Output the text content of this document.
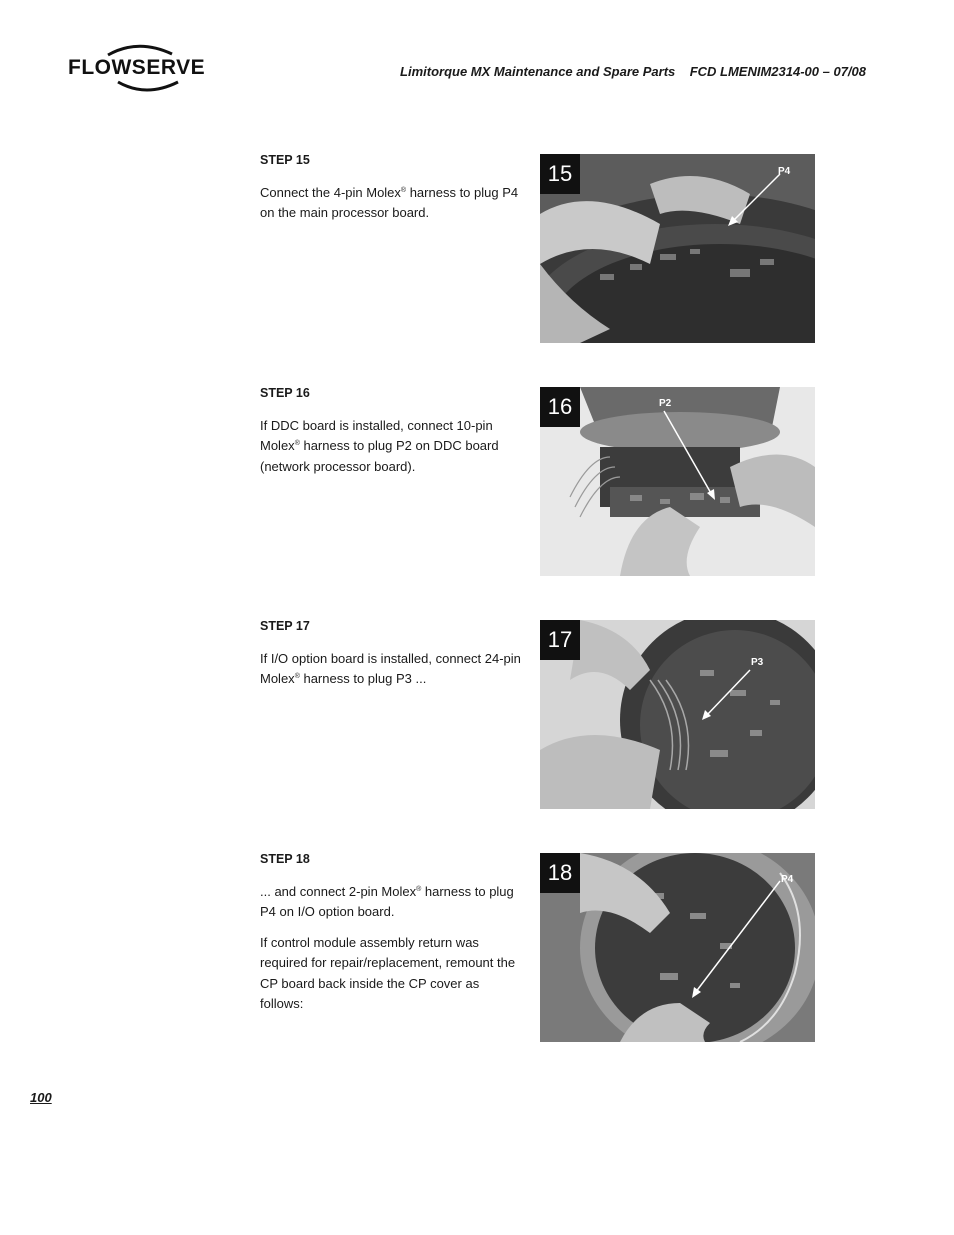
FLOWSERVE	Limitorque MX Maintenance and Spare Parts    FCD LMENIM2314-00 – 07/08
STEP 15

Connect the 4-pin Molex® harness to plug P4 on the main processor board.

15	P4
STEP 16

If DDC board is installed, connect 10-pin Molex® harness to plug P2 on DDC board (network processor board).

16	P2
STEP 17

If I/O option board is installed, connect 24-pin Molex® harness to plug P3 ...

17
P3
STEP 18

... and connect 2-pin Molex® harness to plug P4 on I/O option board.

If control module assembly return was required for repair/replacement, remount the CP board back inside the CP cover as follows:

18	P4
100
